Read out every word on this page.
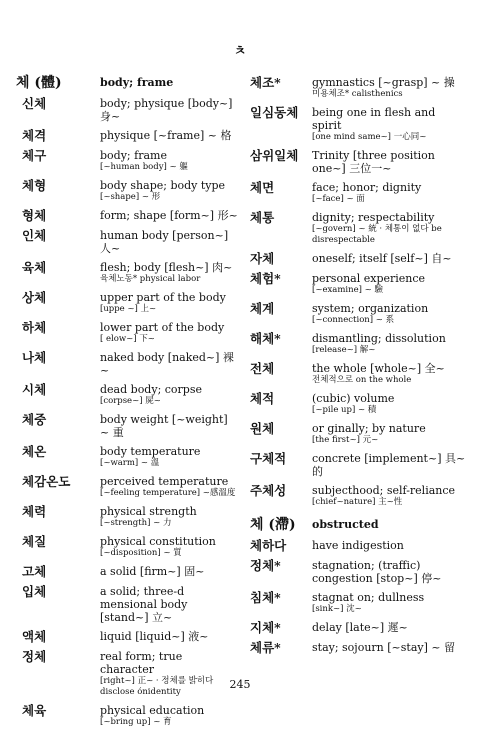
ㅊ
체 (體)	body; frame
신체	body; physique [body~] 身~
체격	physique [~frame] ~ 格
체구	body; frame
[~human body] ~ 軀
체형	body shape; body type
[~shape] ~ 形
형체	form; shape [form~] 形~
인체	human body [person~] 人~
육체	flesh; body [flesh~] 肉~
육체노동* physical labor
상체	upper part of the body
[uppe ~] 上~
하체	lower part of the body
[ elow~] 下~
나체	naked body [naked~] 裸~
시체	dead body; corpse
[corpse~] 屍~
체중	body weight [~weight] ~ 重
체온	body temperature
[~warm] ~ 溫
체감온도	perceived temperature
[~feeling temperature] ~感溫度
체력	physical strength
[~strength] ~ 力
체질	physical constitution
[~disposition] ~ 質
고체	a solid [firm~] 固~
입체	a solid; three-d mensional body [stand~] 立~
액체	liquid [liquid~] 液~
정체	real form; true character
[right~] 正~ · 정체를 밝히다 disclose ónidentity
체육	physical education
[~bring up] ~ 育
체조*	gymnastics [~grasp] ~ 操
미용체조* calisthenics
일심동체	being one in flesh and spirit
[one mind same~] 一心同~
삼위일체	Trinity [three position one~] 三位一~
체면	face; honor; dignity
[~face] ~ 面
체통	dignity; respectability
[~govern] ~ 統 · 체통이 없다 be disrespectable
자체	oneself; itself [self~] 自~
체험*	personal experience
[~examine] ~ 驗
체계	system; organization
[~connection] ~ 系
해체*	dismantling; dissolution
[release~] 解~
전체	the whole [whole~] 全~
전체적으로 on the whole
체적	(cubic) volume
[~pile up] ~ 積
원체	or ginally; by nature
[the first~] 元~
구체적	concrete [implement~] 具~的
주체성	subjecthood; self-reliance
[chief~nature] 主~性
체 (滯)	obstructed
체하다	have indigestion
정체*	stagnation; (traffic) congestion [stop~] 停~
침체*	stagnat on; dullness
[sink~] 沈~
지체*	delay [late~] 遲~
체류*	stay; sojourn [~stay] ~ 留
245
